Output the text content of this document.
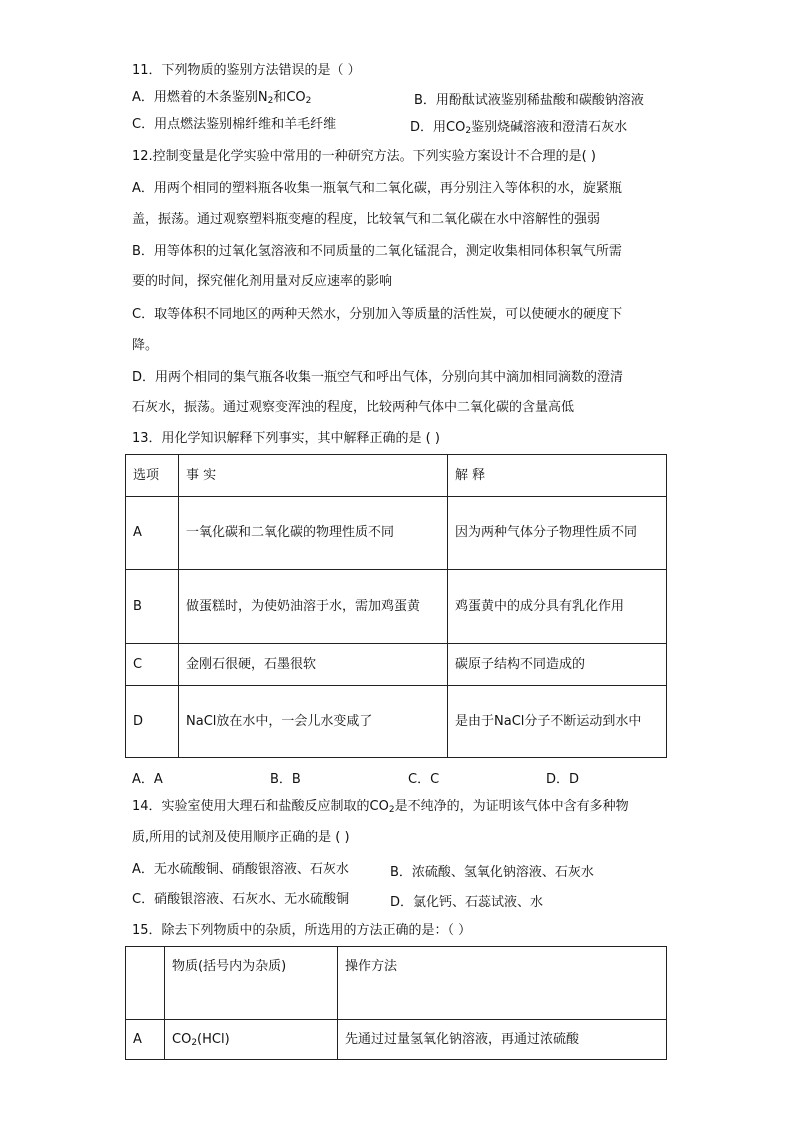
11．下列物质的鉴别方法错误的是（ ）
A．用燃着的木条鉴别$N_2$和$CO_2$	B．用酚酞试液鉴别稀盐酸和碳酸钠溶液
C．用点燃法鉴别棉纤维和羊毛纤维	D．用$CO_2$鉴别烧碱溶液和澄清石灰水
12.控制变量是化学实验中常用的一种研究方法。下列实验方案设计不合理的是( )
A．用两个相同的塑料瓶各收集一瓶氧气和二氧化碳，再分别注入等体积的水，旋紧瓶
盖，振荡。通过观察塑料瓶变瘪的程度，比较氧气和二氧化碳在水中溶解性的强弱
B．用等体积的过氧化氢溶液和不同质量的二氧化锰混合，测定收集相同体积氧气所需
要的时间，探究催化剂用量对反应速率的影响
C．取等体积不同地区的两种天然水，分别加入等质量的活性炭，可以使硬水的硬度下
降。
D．用两个相同的集气瓶各收集一瓶空气和呼出气体，分别向其中滴加相同滴数的澄清
石灰水，振荡。通过观察变浑浊的程度，比较两种气体中二氧化碳的含量高低
13．用化学知识解释下列事实，其中解释正确的是 ( )
选项	事 实	解 释
A	一氧化碳和二氧化碳的物理性质不同	因为两种气体分子物理性质不同
B	做蛋糕时，为使奶油溶于水，需加鸡蛋黄	鸡蛋黄中的成分具有乳化作用
C	金刚石很硬，石墨很软	碳原子结构不同造成的
D	NaCl放在水中，一会儿水变咸了	是由于NaCl分子不断运动到水中
A．A	B．B	C．C	D．D
14．实验室使用大理石和盐酸反应制取的$CO_2$是不纯净的，为证明该气体中含有多种物
质,所用的试剂及使用顺序正确的是 ( )
A．无水硫酸铜、硝酸银溶液、石灰水	B．浓硫酸、氢氧化钠溶液、石灰水
C．硝酸银溶液、石灰水、无水硫酸铜	D．氯化钙、石蕊试液、水
15．除去下列物质中的杂质，所选用的方法正确的是：（ ）
	物质(括号内为杂质)	操作方法
A	$CO_2(HCl)$	先通过过量氢氧化钠溶液，再通过浓硫酸
